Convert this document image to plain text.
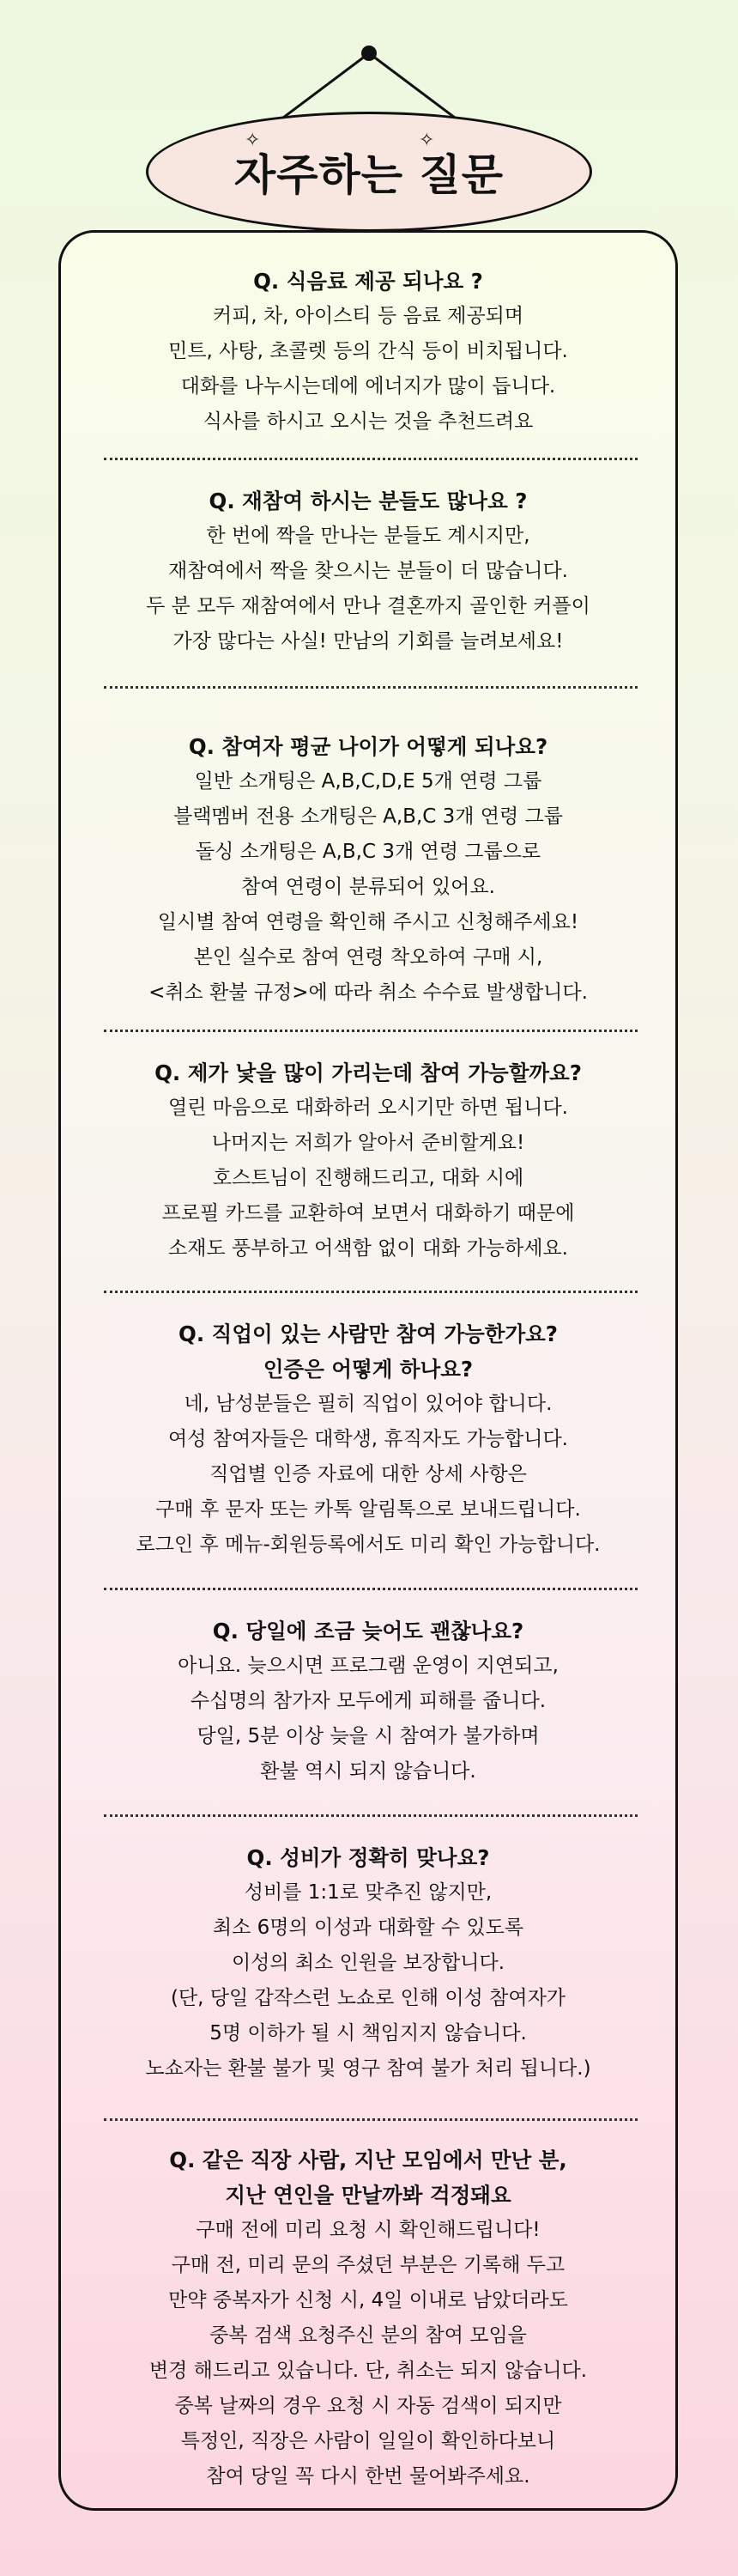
✧	✧
자주하는 질문
Q. 식음료 제공 되나요 ?
커피, 차, 아이스티 등 음료 제공되며
민트, 사탕, 초콜렛 등의 간식 등이 비치됩니다.
대화를 나누시는데에 에너지가 많이 듭니다.
식사를 하시고 오시는 것을 추천드려요
Q. 재참여 하시는 분들도 많나요 ?
한 번에 짝을 만나는 분들도 계시지만,
재참여에서 짝을 찾으시는 분들이 더 많습니다.
두 분 모두 재참여에서 만나 결혼까지 골인한 커플이
가장 많다는 사실! 만남의 기회를 늘려보세요!
Q. 참여자 평균 나이가 어떻게 되나요?
일반 소개팅은 A,B,C,D,E 5개 연령 그룹
블랙멤버 전용 소개팅은 A,B,C 3개 연령 그룹
돌싱 소개팅은 A,B,C 3개 연령 그룹으로
참여 연령이 분류되어 있어요.
일시별 참여 연령을 확인해 주시고 신청해주세요!
본인 실수로 참여 연령 착오하여 구매 시,
<취소 환불 규정>에 따라 취소 수수료 발생합니다.
Q. 제가 낯을 많이 가리는데 참여 가능할까요?
열린 마음으로 대화하러 오시기만 하면 됩니다.
나머지는 저희가 알아서 준비할게요!
호스트님이 진행해드리고, 대화 시에
프로필 카드를 교환하여 보면서 대화하기 때문에
소재도 풍부하고 어색함 없이 대화 가능하세요.
Q. 직업이 있는 사람만 참여 가능한가요?
인증은 어떻게 하나요?
네, 남성분들은 필히 직업이 있어야 합니다.
여성 참여자들은 대학생, 휴직자도 가능합니다.
직업별 인증 자료에 대한 상세 사항은
구매 후 문자 또는 카톡 알림톡으로 보내드립니다.
로그인 후 메뉴-회원등록에서도 미리 확인 가능합니다.
Q. 당일에 조금 늦어도 괜찮나요?
아니요. 늦으시면 프로그램 운영이 지연되고,
수십명의 참가자 모두에게 피해를 줍니다.
당일, 5분 이상 늦을 시 참여가 불가하며
환불 역시 되지 않습니다.
Q. 성비가 정확히 맞나요?
성비를 1:1로 맞추진 않지만,
최소 6명의 이성과 대화할 수 있도록
이성의 최소 인원을 보장합니다.
(단, 당일 갑작스런 노쇼로 인해 이성 참여자가
5명 이하가 될 시 책임지지 않습니다.
노쇼자는 환불 불가 및 영구 참여 불가 처리 됩니다.)
Q. 같은 직장 사람, 지난 모임에서 만난 분,
지난 연인을 만날까봐 걱정돼요
구매 전에 미리 요청 시 확인해드립니다!
구매 전, 미리 문의 주셨던 부분은 기록해 두고
만약 중복자가 신청 시, 4일 이내로 남았더라도
중복 검색 요청주신 분의 참여 모임을
변경 해드리고 있습니다. 단, 취소는 되지 않습니다.
중복 날짜의 경우 요청 시 자동 검색이 되지만
특정인, 직장은 사람이 일일이 확인하다보니
참여 당일 꼭 다시 한번 물어봐주세요.
